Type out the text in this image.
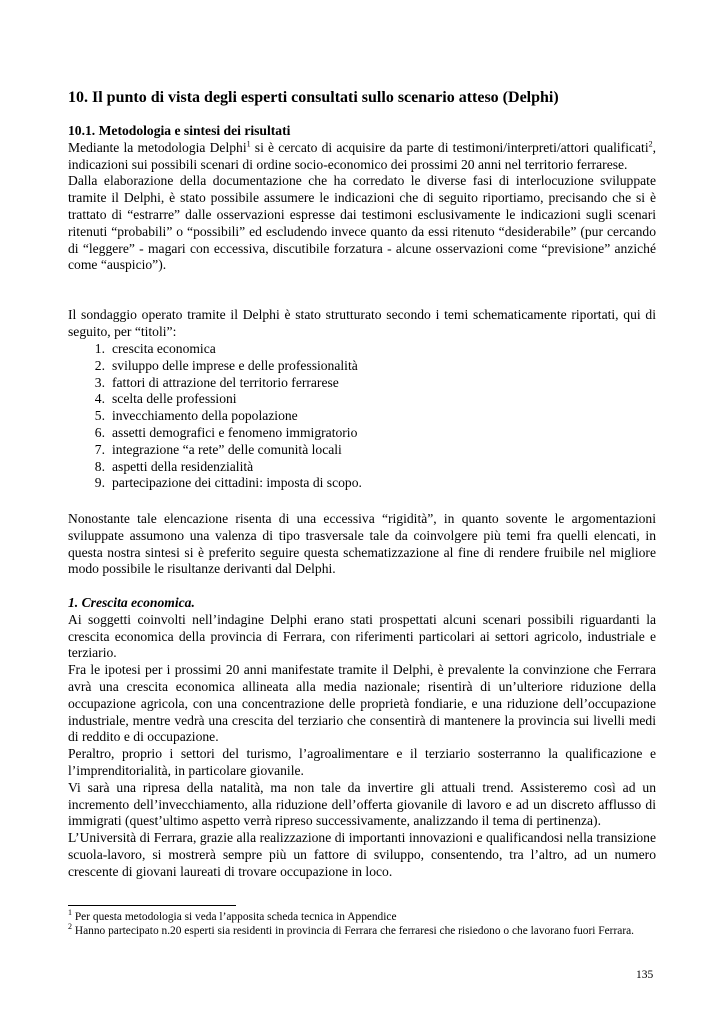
10. Il punto di vista degli esperti consultati sullo scenario atteso (Delphi)
10.1. Metodologia e sintesi dei risultati

Mediante la metodologia Delphi$^1$ si è cercato di acquisire da parte di testimoni/interpreti/attori qualificati$^2$, indicazioni sui possibili scenari di ordine socio-economico dei prossimi 20 anni nel territorio ferrarese.

Dalla elaborazione della documentazione che ha corredato le diverse fasi di interlocuzione sviluppate tramite il Delphi, è stato possibile assumere le indicazioni che di seguito riportiamo, precisando che si è trattato di “estrarre” dalle osservazioni espresse dai testimoni esclusivamente le indicazioni sugli scenari ritenuti “probabili” o “possibili” ed escludendo invece quanto da essi ritenuto “desiderabile” (pur cercando di “leggere” - magari con eccessiva, discutibile forzatura - alcune osservazioni come “previsione” anziché come “auspicio”).

Il sondaggio operato tramite il Delphi è stato strutturato secondo i temi schematicamente riportati, qui di seguito, per “titoli”:

1. crescita economica
2. sviluppo delle imprese e delle professionalità
3. fattori di attrazione del territorio ferrarese
4. scelta delle professioni
5. invecchiamento della popolazione
6. assetti demografici e fenomeno immigratorio
7. integrazione “a rete” delle comunità locali
8. aspetti della residenzialità
9. partecipazione dei cittadini: imposta di scopo.

Nonostante tale elencazione risenta di una eccessiva “rigidità”, in quanto sovente le argomentazioni sviluppate assumono una valenza di tipo trasversale tale da coinvolgere più temi fra quelli elencati, in questa nostra sintesi si è preferito seguire questa schematizzazione al fine di rendere fruibile nel migliore modo possibile le risultanze derivanti dal Delphi.

1. Crescita economica.

Ai soggetti coinvolti nell’indagine Delphi erano stati prospettati alcuni scenari possibili riguardanti la crescita economica della provincia di Ferrara, con riferimenti particolari ai settori agricolo, industriale e terziario.

Fra le ipotesi per i prossimi 20 anni manifestate tramite il Delphi, è prevalente la convinzione che Ferrara avrà una crescita economica allineata alla media nazionale; risentirà di un’ulteriore riduzione della occupazione agricola, con una concentrazione delle proprietà fondiarie, e una riduzione dell’occupazione industriale, mentre vedrà una crescita del terziario che consentirà di mantenere la provincia sui livelli medi di reddito e di occupazione.

Peraltro, proprio i settori del turismo, l’agroalimentare e il terziario sosterranno la qualificazione e l’imprenditorialità, in particolare giovanile.

Vi sarà una ripresa della natalità, ma non tale da invertire gli attuali trend. Assisteremo così ad un incremento dell’invecchiamento, alla riduzione dell’offerta giovanile di lavoro e ad un discreto afflusso di immigrati (quest’ultimo aspetto verrà ripreso successivamente, analizzando il tema di pertinenza).

L’Università di Ferrara, grazie alla realizzazione di importanti innovazioni e qualificandosi nella transizione scuola-lavoro, si mostrerà sempre più un fattore di sviluppo, consentendo, tra l’altro, ad un numero crescente di giovani laureati di trovare occupazione in loco.

$^1$ Per questa metodologia si veda l’apposita scheda tecnica in Appendice
$^2$ Hanno partecipato n.20 esperti sia residenti in provincia di Ferrara che ferraresi che risiedono o che lavorano fuori Ferrara.
135
